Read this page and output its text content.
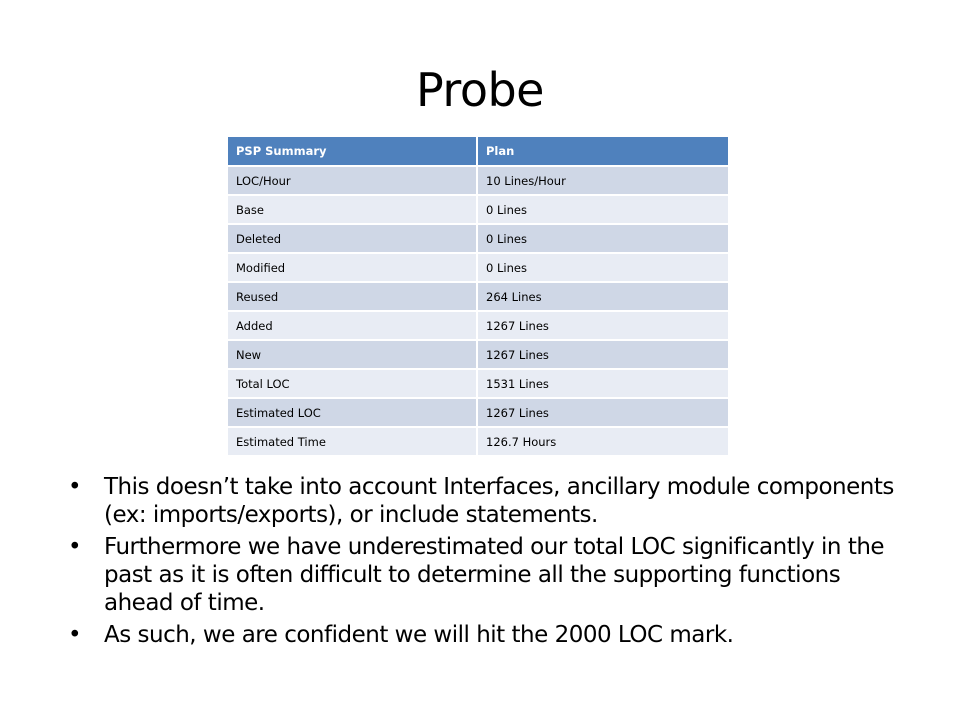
Probe
PSP Summary	Plan
LOC/Hour	10 Lines/Hour
Base	0 Lines
Deleted	0 Lines
Modified	0 Lines
Reused	264 Lines
Added	1267 Lines
New	1267 Lines
Total LOC	1531 Lines
Estimated LOC	1267 Lines
Estimated Time	126.7 Hours
• This doesn’t take into account Interfaces, ancillary module components (ex: imports/exports), or include statements.
• Furthermore we have underestimated our total LOC significantly in the past as it is often difficult to determine all the supporting functions ahead of time.
• As such, we are confident we will hit the 2000 LOC mark.
